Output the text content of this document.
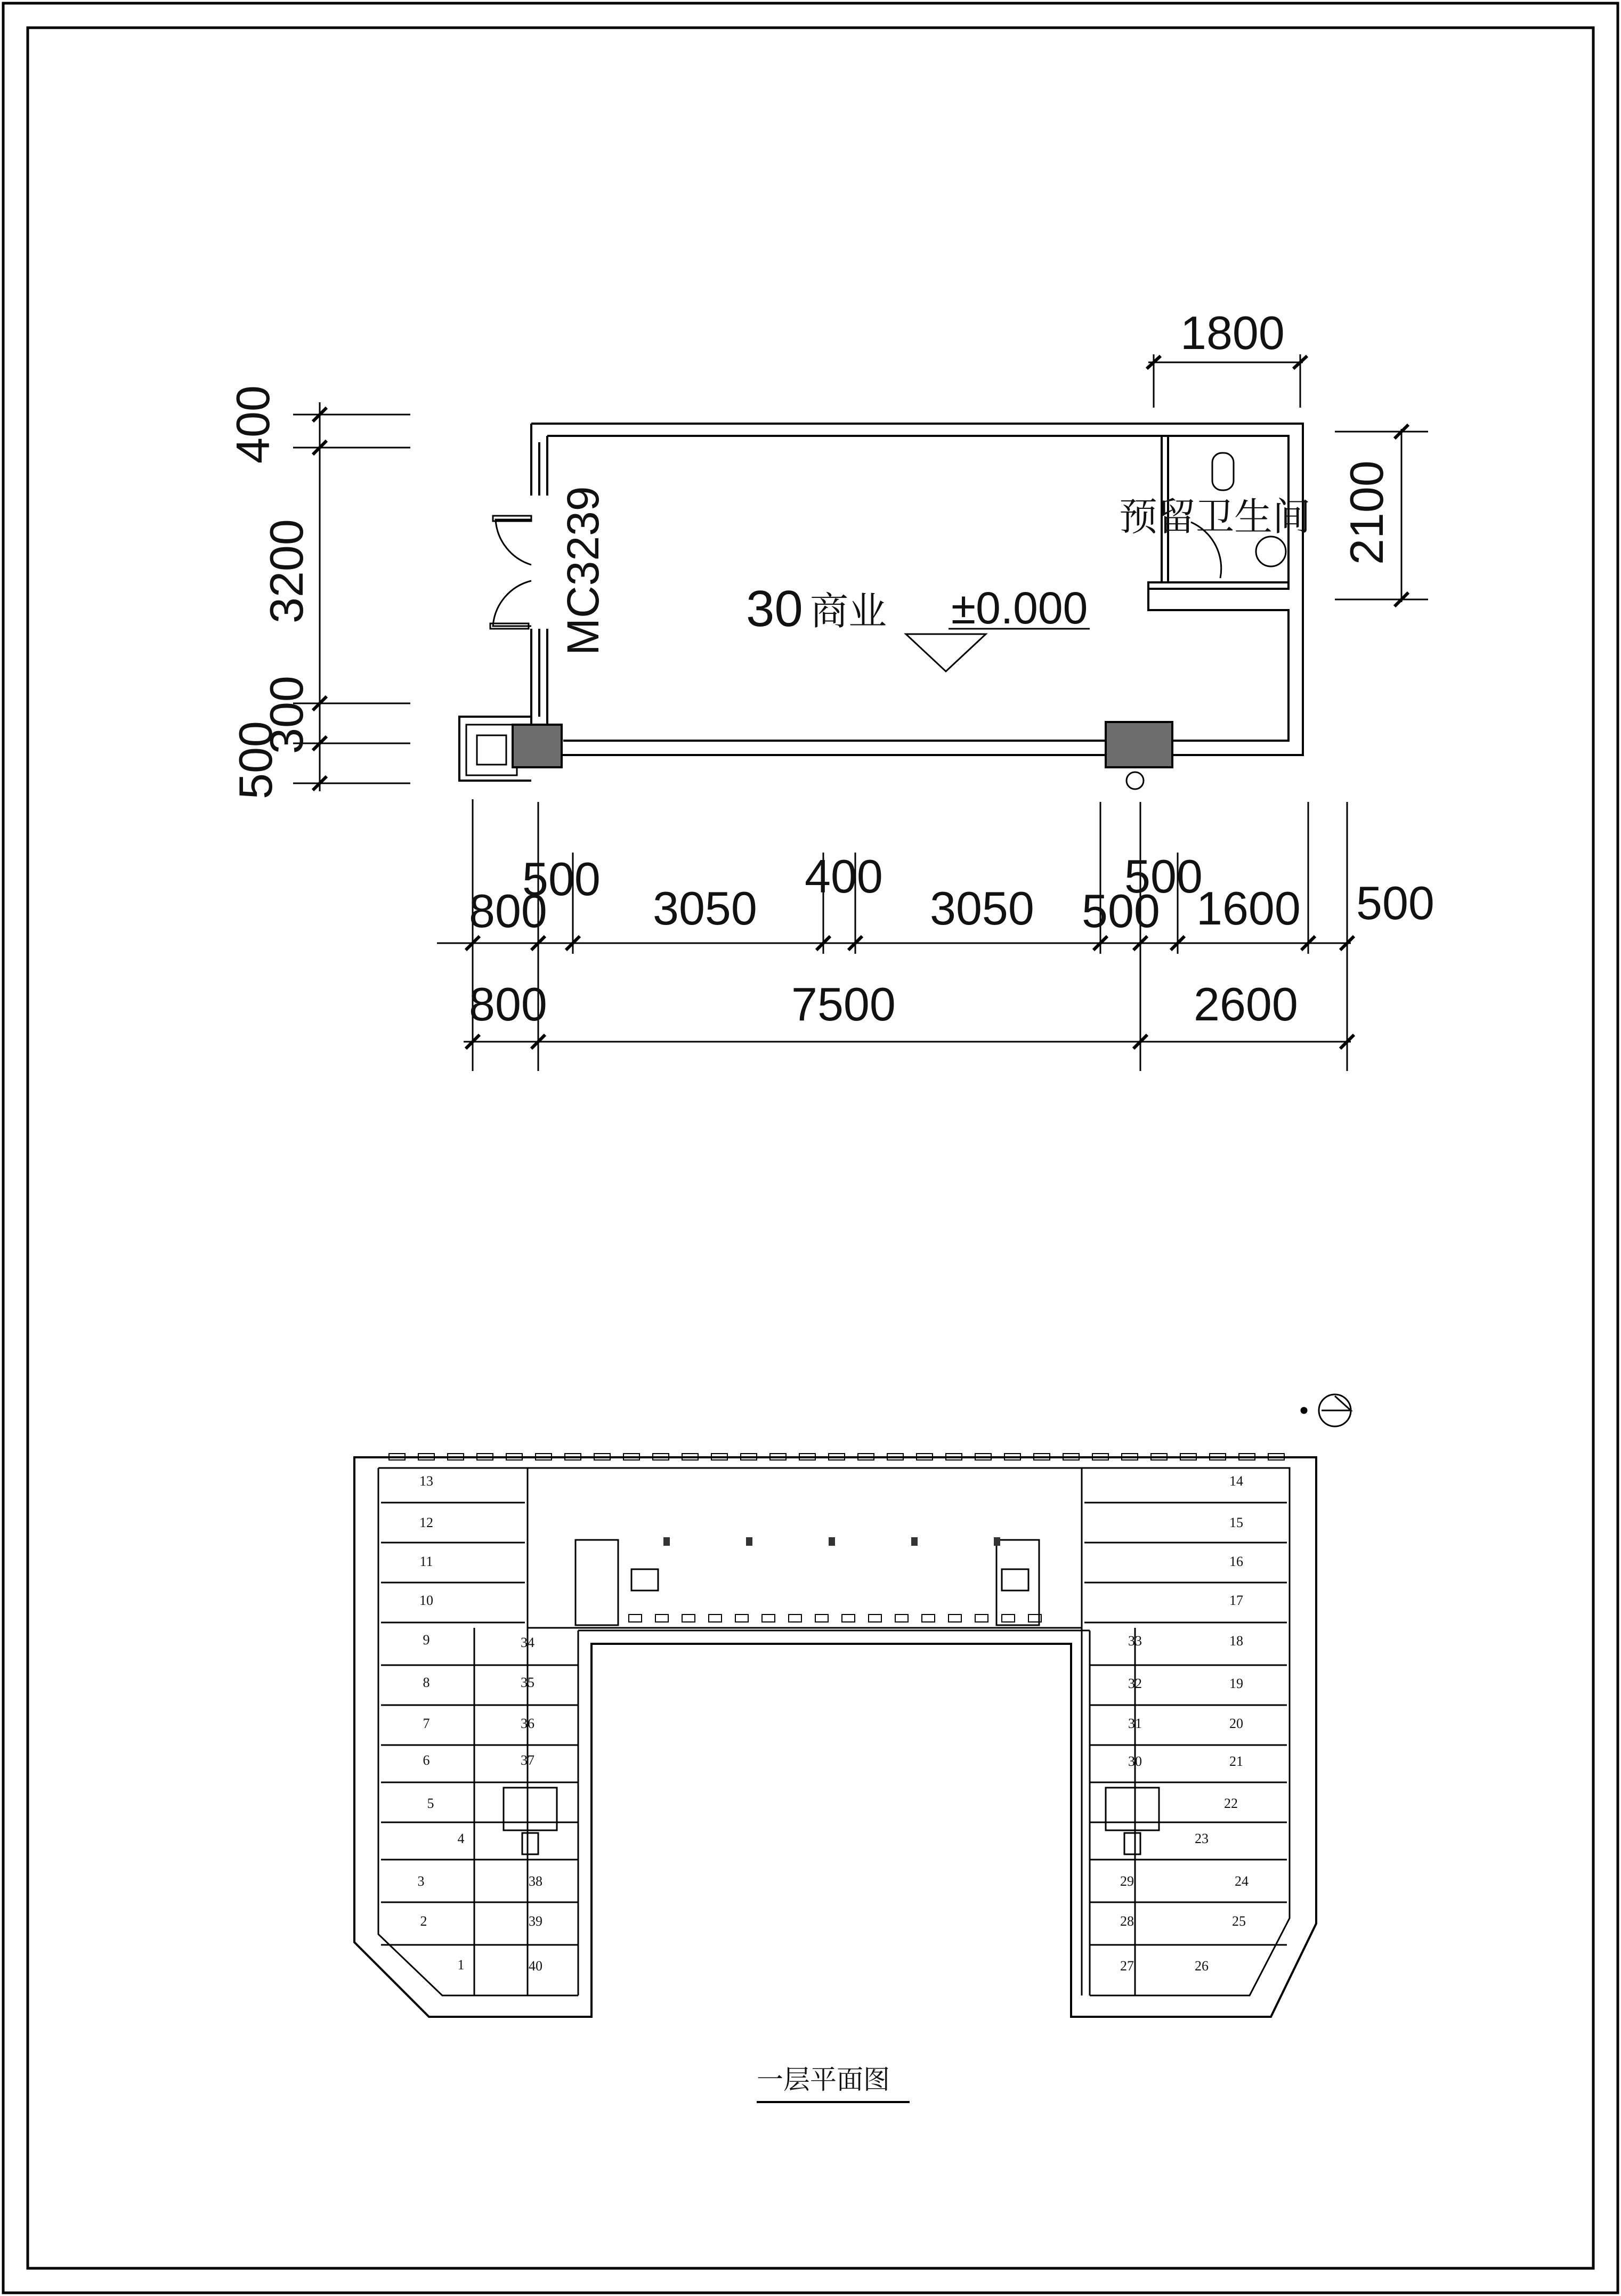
30 商业 ±0.000
预留卫生间
MC3239
1800
2100
400
3200
300
500
800 3050	3050 500 1600
500	400	500
500
800	7500	2600
13
12
11
10
9
8
7
6
5
4
3
2
1
34
35
36
37
38
39
40
14
15
16
17
18
19
20
21
22
23
24
25
26
33
32
31
30
29
28
27
一层平面图
